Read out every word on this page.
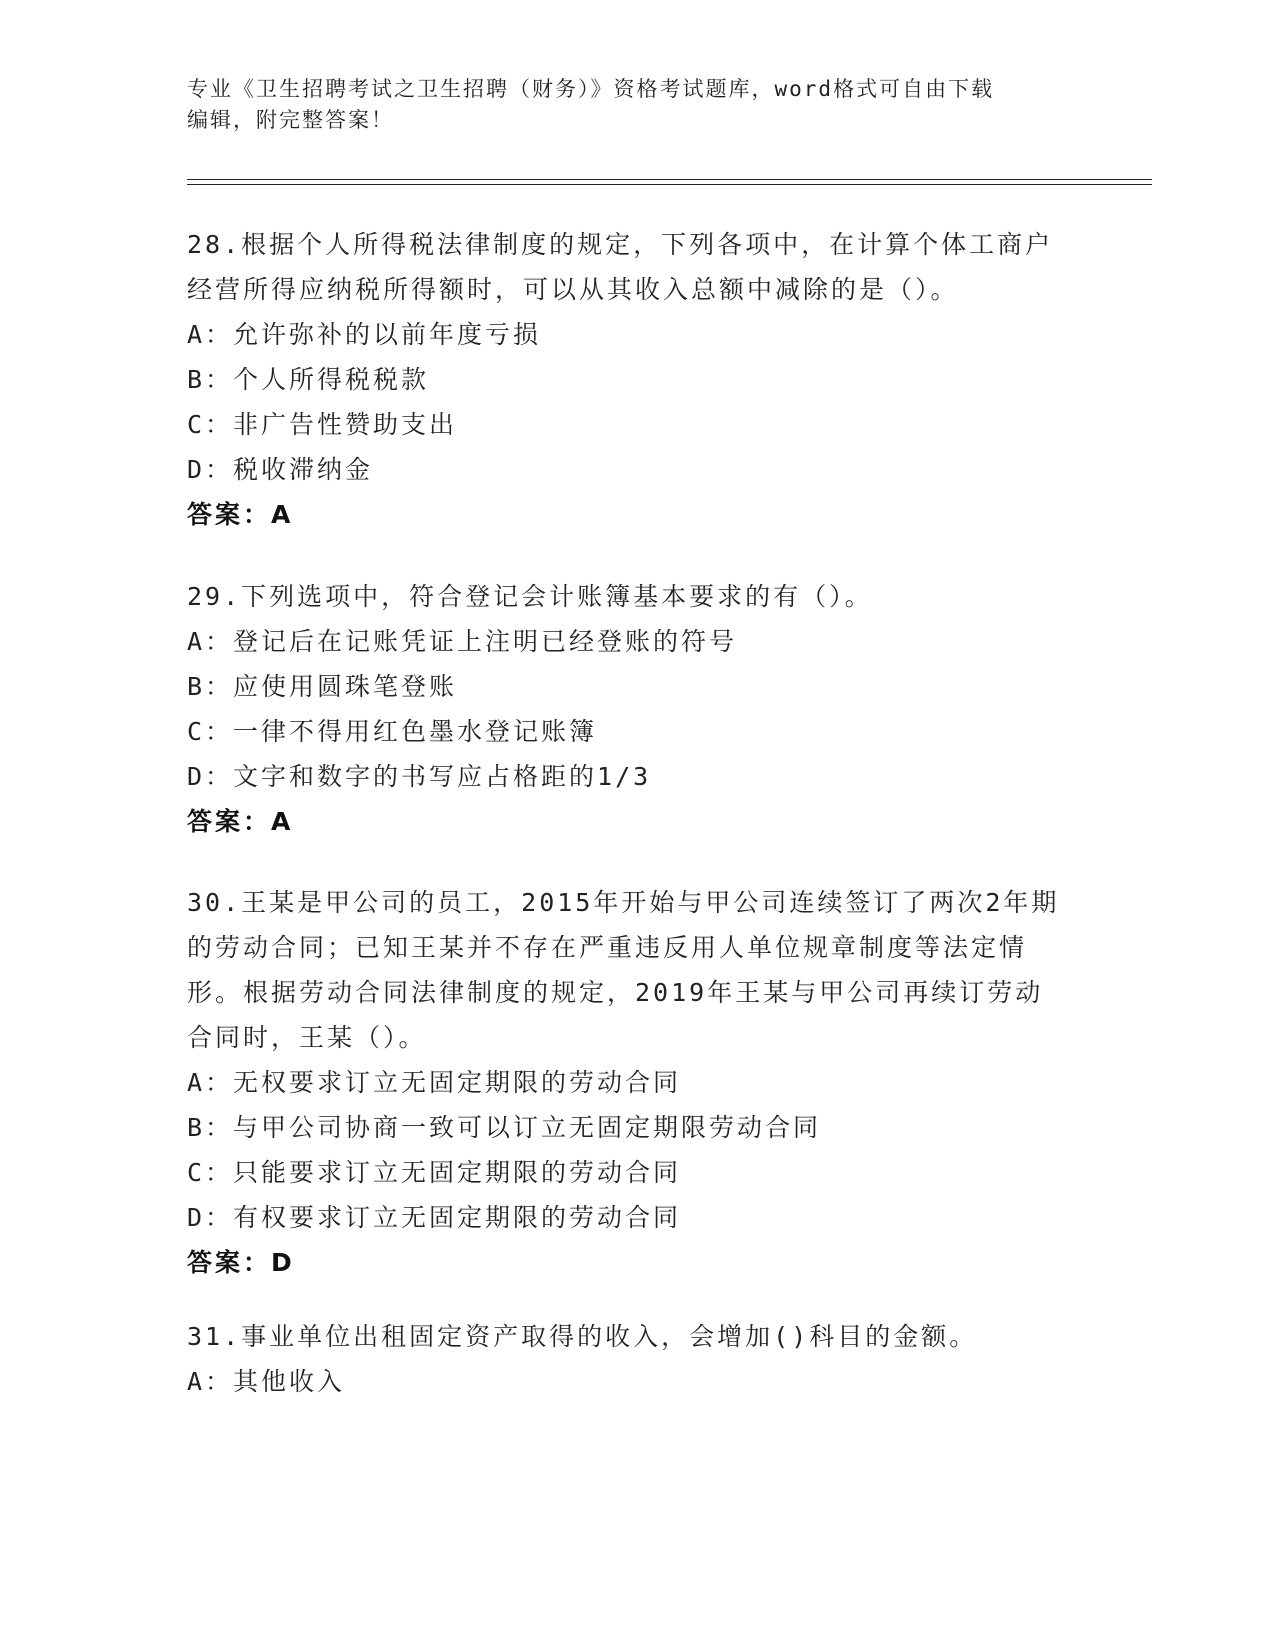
专业《卫生招聘考试之卫生招聘（财务）》资格考试题库，word格式可自由下载
编辑，附完整答案！
28.根据个人所得税法律制度的规定，下列各项中，在计算个体工商户
经营所得应纳税所得额时，可以从其收入总额中减除的是（）。
A：允许弥补的以前年度亏损
B：个人所得税税款
C：非广告性赞助支出
D：税收滞纳金
答案：A
29.下列选项中，符合登记会计账簿基本要求的有（）。
A：登记后在记账凭证上注明已经登账的符号
B：应使用圆珠笔登账
C：一律不得用红色墨水登记账簿
D：文字和数字的书写应占格距的1/3
答案：A
30.王某是甲公司的员工，2015年开始与甲公司连续签订了两次2年期
的劳动合同；已知王某并不存在严重违反用人单位规章制度等法定情
形。根据劳动合同法律制度的规定，2019年王某与甲公司再续订劳动
合同时，王某（）。
A：无权要求订立无固定期限的劳动合同
B：与甲公司协商一致可以订立无固定期限劳动合同
C：只能要求订立无固定期限的劳动合同
D：有权要求订立无固定期限的劳动合同
答案：D
31.事业单位出租固定资产取得的收入，会增加()科目的金额。
A：其他收入
